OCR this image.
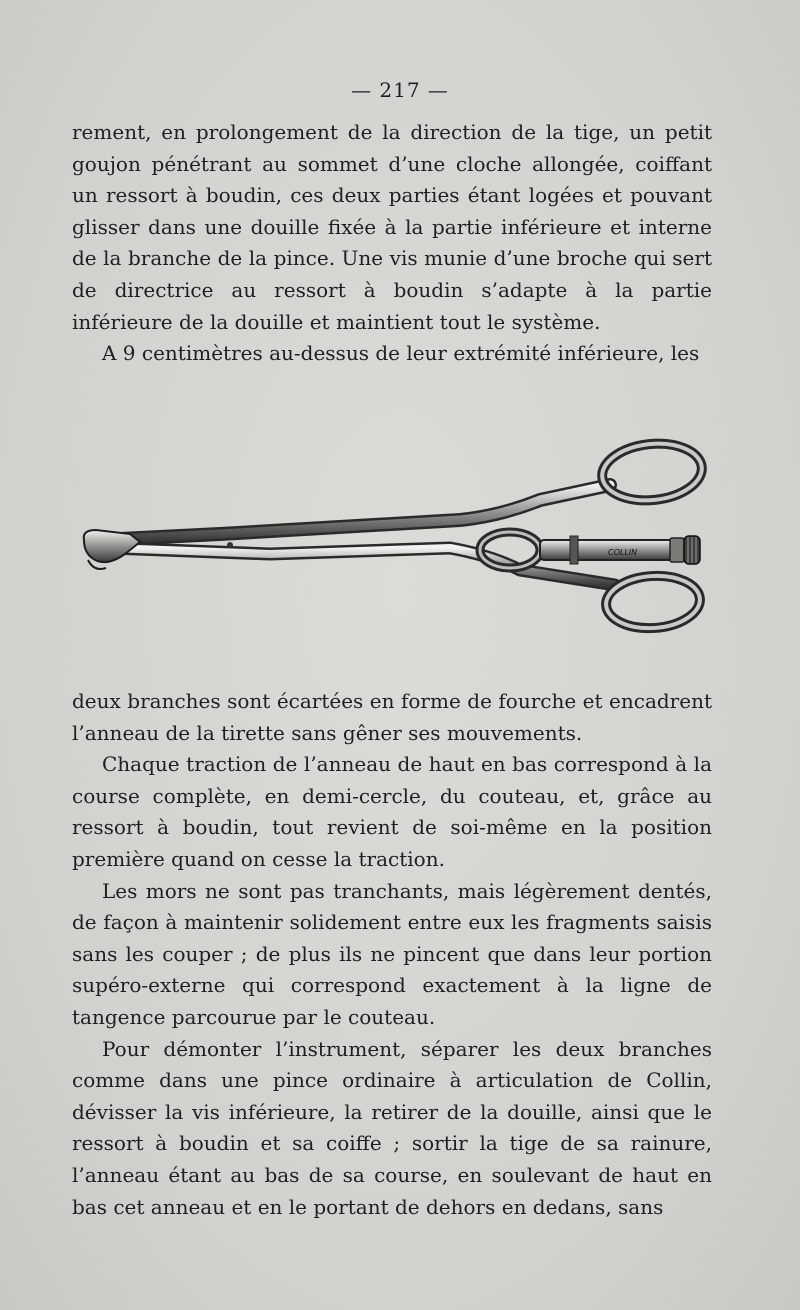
— 217 —

rement, en prolongement de la direction de la tige, un petit goujon pénétrant au sommet d’une cloche allongée, coiffant un ressort à boudin, ces deux parties étant logées et pouvant glisser dans une douille fixée à la partie inférieure et interne de la branche de la pince. Une vis munie d’une broche qui sert de directrice au ressort à boudin s’adapte à la partie inférieure de la douille et maintient tout le système.

A 9 centimètres au-dessus de leur extrémité inférieure, les

COLLIN

deux branches sont écartées en forme de fourche et encadrent l’anneau de la tirette sans gêner ses mouvements.

Chaque traction de l’anneau de haut en bas correspond à la course complète, en demi-cercle, du couteau, et, grâce au ressort à boudin, tout revient de soi-même en la position première quand on cesse la traction.

Les mors ne sont pas tranchants, mais légèrement dentés, de façon à maintenir solidement entre eux les fragments saisis sans les couper ; de plus ils ne pincent que dans leur portion supéro-externe qui correspond exactement à la ligne de tangence parcourue par le couteau.

Pour démonter l’instrument, séparer les deux branches comme dans une pince ordinaire à articulation de Collin, dévisser la vis inférieure, la retirer de la douille, ainsi que le ressort à boudin et sa coiffe ; sortir la tige de sa rainure, l’anneau étant au bas de sa course, en soulevant de haut en bas cet anneau et en le portant de dehors en dedans, sans
